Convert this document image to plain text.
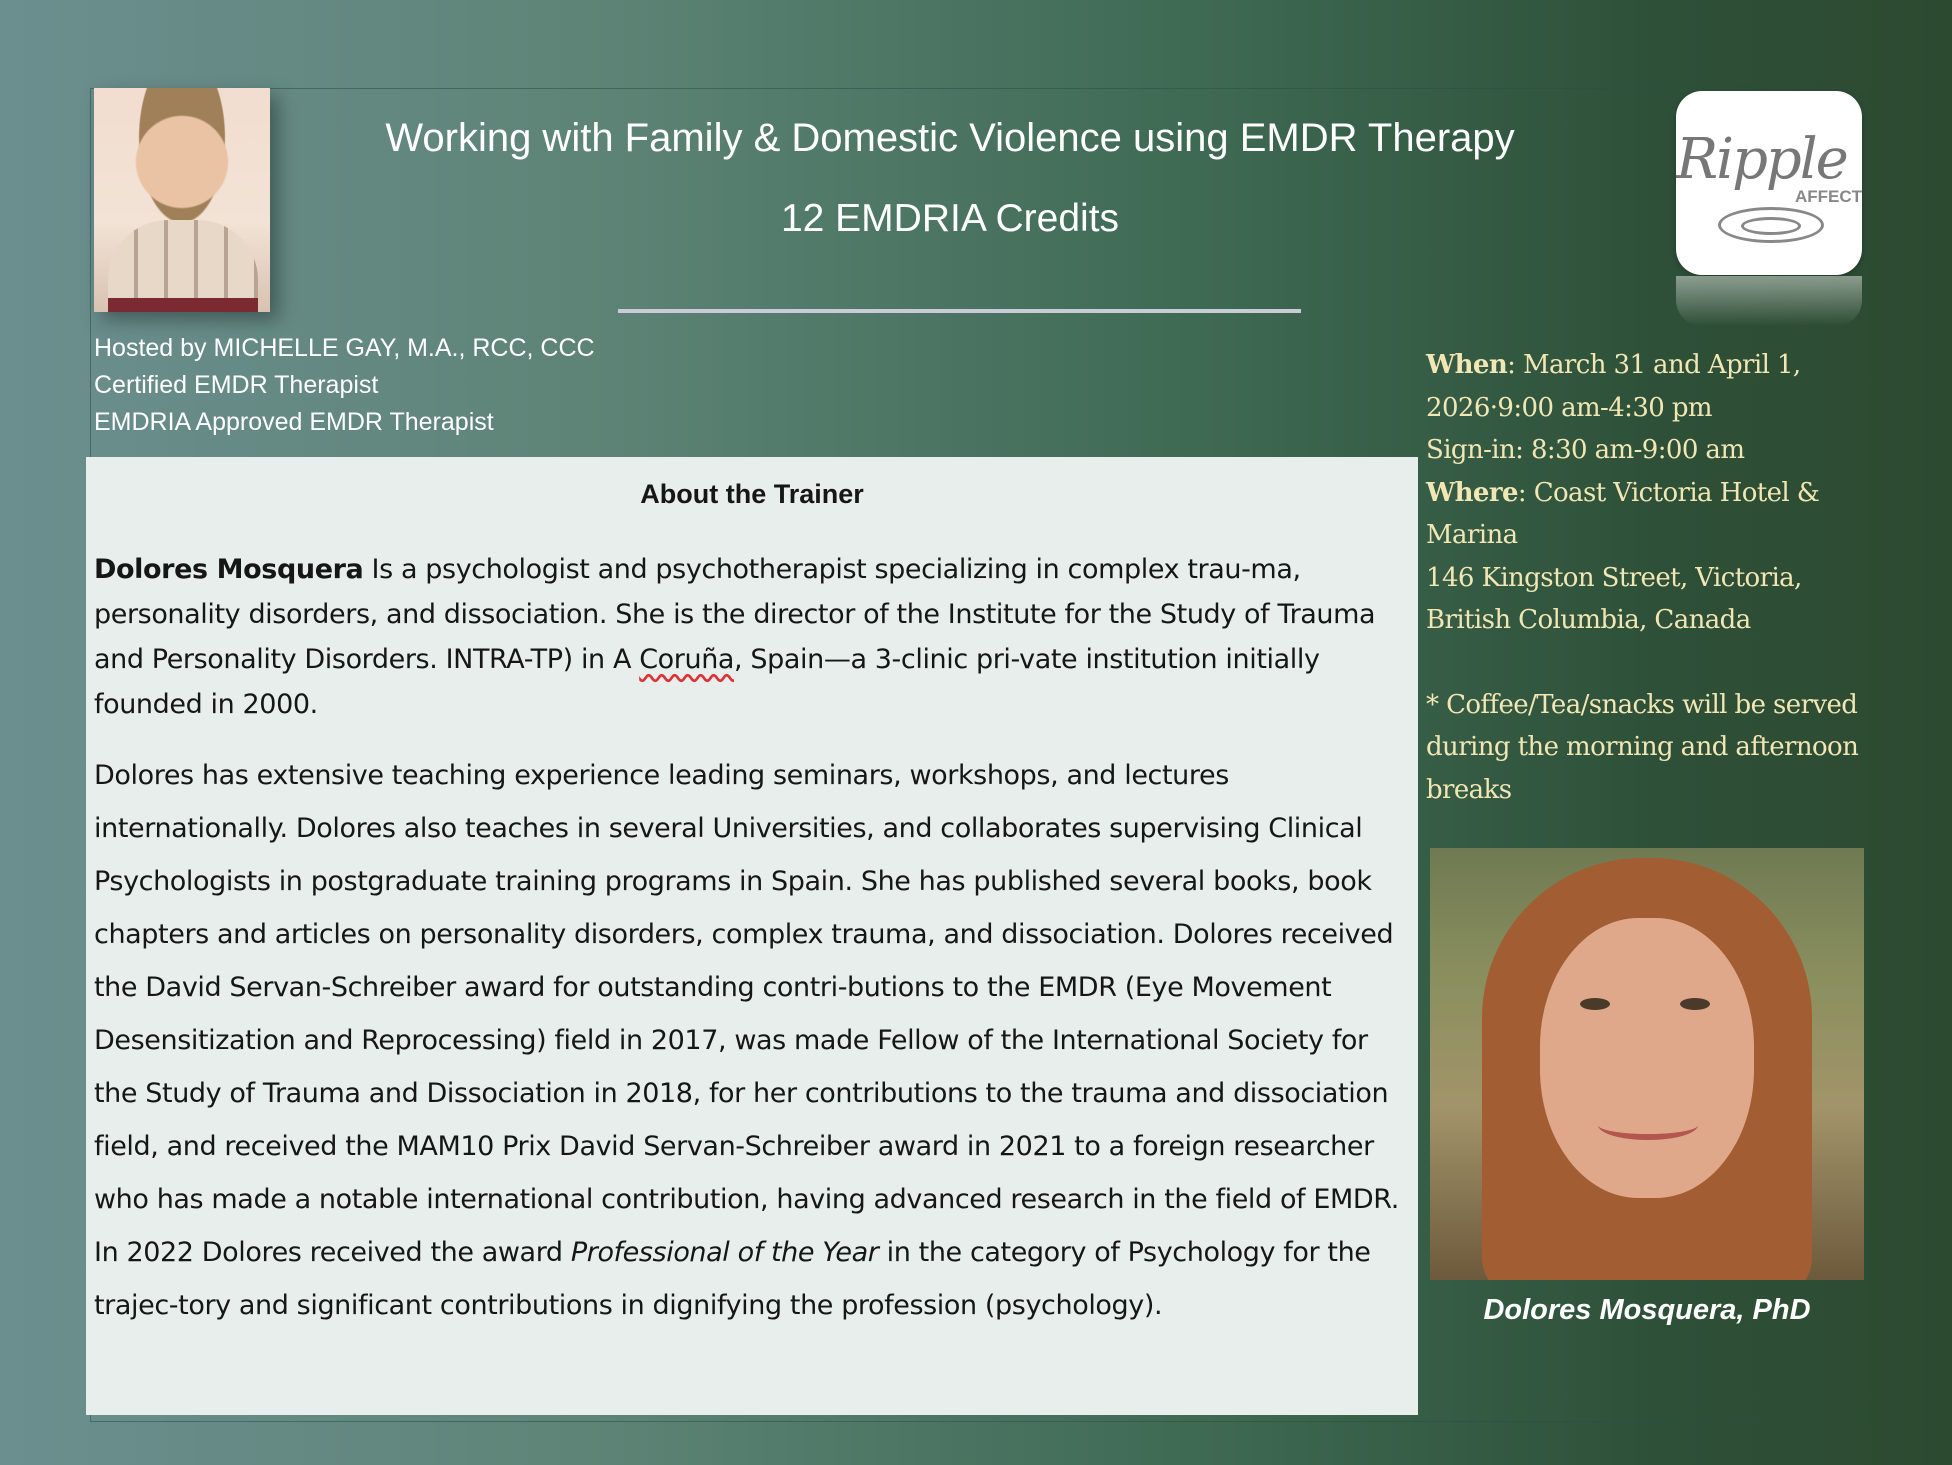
Working with Family & Domestic Violence using EMDR Therapy
12 EMDRIA Credits
Ripple
AFFECT
Hosted by MICHELLE GAY, M.A., RCC, CCC
Certified EMDR Therapist
EMDRIA Approved EMDR Therapist
About the Trainer

Dolores Mosquera Is a psychologist and psychotherapist specializing in complex trau-ma, personality disorders, and dissociation. She is the director of the Institute for the Study of Trauma and Personality Disorders. INTRA-TP) in A Coruña, Spain—a 3-clinic pri-vate institution initially founded in 2000.

Dolores has extensive teaching experience leading seminars, workshops, and lectures internationally. Dolores also teaches in several Universities, and collaborates supervising Clinical Psychologists in postgraduate training programs in Spain. She has published several books, book chapters and articles on personality disorders, complex trauma, and dissociation. Dolores received the David Servan-Schreiber award for outstanding contri-butions to the EMDR (Eye Movement Desensitization and Reprocessing) field in 2017, was made Fellow of the International Society for the Study of Trauma and Dissociation in 2018, for her contributions to the trauma and dissociation field, and received the MAM10 Prix David Servan-Schreiber award in 2021 to a foreign researcher who has made a notable international contribution, having advanced research in the field of EMDR. In 2022 Dolores received the award Professional of the Year in the category of Psychology for the trajec-tory and significant contributions in dignifying the profession (psychology).

When: March 31 and April 1, 2026·9:00 am-4:30 pm
Sign-in: 8:30 am-9:00 am
Where: Coast Victoria Hotel & Marina
146 Kingston Street, Victoria, British Columbia, Canada
* Coffee/Tea/snacks will be served during the morning and afternoon breaks
Dolores Mosquera, PhD
